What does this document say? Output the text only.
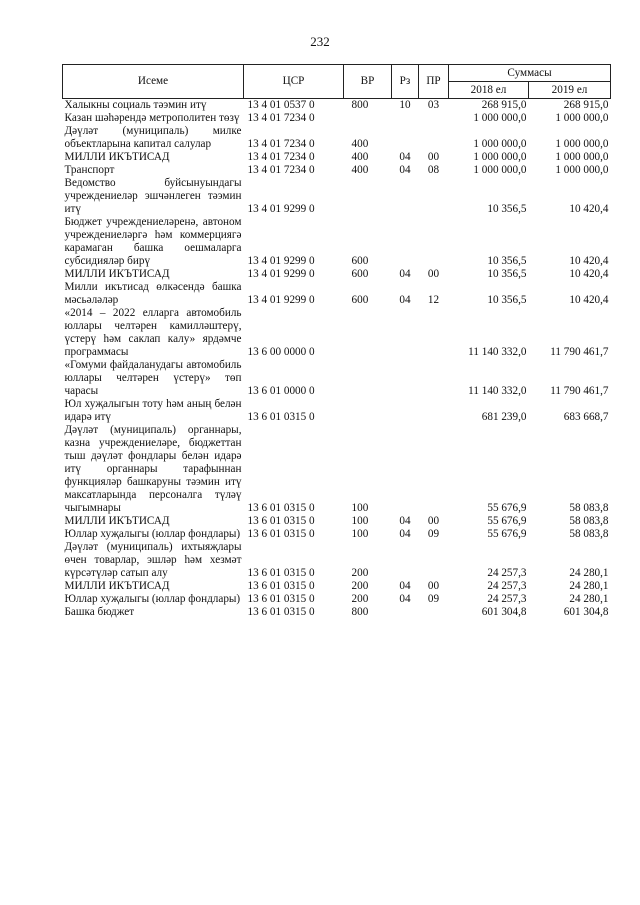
232
Исеме	ЦСР	ВР	Рз	ПР	Суммасы	
					2018 ел	2019 ел
Халыкны социаль тәэмин итү	13 4 01 0537 0	800	10	03	268 915,0	268 915,0
Казан шәһәрендә метрополитен төзү	13 4 01 7234 0				1 000 000,0	1 000 000,0
Дәүләт (муниципаль) милке объектларына капитал салулар	13 4 01 7234 0	400			1 000 000,0	1 000 000,0
МИЛЛИ ИКЪТИСАД	13 4 01 7234 0	400	04	00	1 000 000,0	1 000 000,0
Транспорт	13 4 01 7234 0	400	04	08	1 000 000,0	1 000 000,0
Ведомство буйсынуындагы учреждениеләр эшчәнлеген тәэмин итү	13 4 01 9299 0				10 356,5	10 420,4
Бюджет учреждениеләренә, автоном учреждениеләргә һәм коммерциягә карамаган башка оешмаларга субсидияләр бирү	13 4 01 9299 0	600			10 356,5	10 420,4
МИЛЛИ ИКЪТИСАД	13 4 01 9299 0	600	04	00	10 356,5	10 420,4
Милли икътисад өлкәсендә башка мәсьәләләр	13 4 01 9299 0	600	04	12	10 356,5	10 420,4
«2014 – 2022 елларга автомобиль юллары челтәрен камилләштерү, үстерү һәм саклап калу» ярдәмче программасы	13 6 00 0000 0				11 140 332,0	11 790 461,7
«Гомуми файдаланудагы автомобиль юллары челтәрен үстерү» төп чарасы	13 6 01 0000 0				11 140 332,0	11 790 461,7
Юл хуҗалыгын тоту һәм аның белән идарә итү	13 6 01 0315 0				681 239,0	683 668,7
Дәүләт (муниципаль) органнары, казна учреждениеләре, бюджеттан тыш дәүләт фондлары белән идарә итү органнары тарафыннан функцияләр башкаруны тәэмин итү максатларында персоналга түләү чыгымнары	13 6 01 0315 0	100			55 676,9	58 083,8
МИЛЛИ ИКЪТИСАД	13 6 01 0315 0	100	04	00	55 676,9	58 083,8
Юллар хуҗалыгы (юллар фондлары)	13 6 01 0315 0	100	04	09	55 676,9	58 083,8
Дәүләт (муниципаль) ихтыяҗлары өчен товарлар, эшләр һәм хезмәт күрсәтүләр сатып алу	13 6 01 0315 0	200			24 257,3	24 280,1
МИЛЛИ ИКЪТИСАД	13 6 01 0315 0	200	04	00	24 257,3	24 280,1
Юллар хуҗалыгы (юллар фондлары)	13 6 01 0315 0	200	04	09	24 257,3	24 280,1
Башка бюджет	13 6 01 0315 0	800			601 304,8	601 304,8
